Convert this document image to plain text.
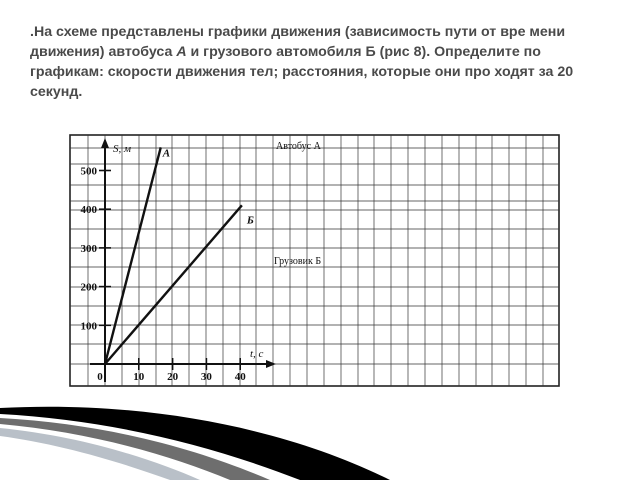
.На схеме представлены графики движения (зависимость пути от вре мени движения) автобуса А и грузового автомобиля Б (рис 8). Определите по графикам: скорости движения тел; расстояния, которые они про ходят за 20 секунд.
100
200
300
400
500
0	10 20 30 40
А
Б
S, м
t, с
Автобус А
Грузовик Б
